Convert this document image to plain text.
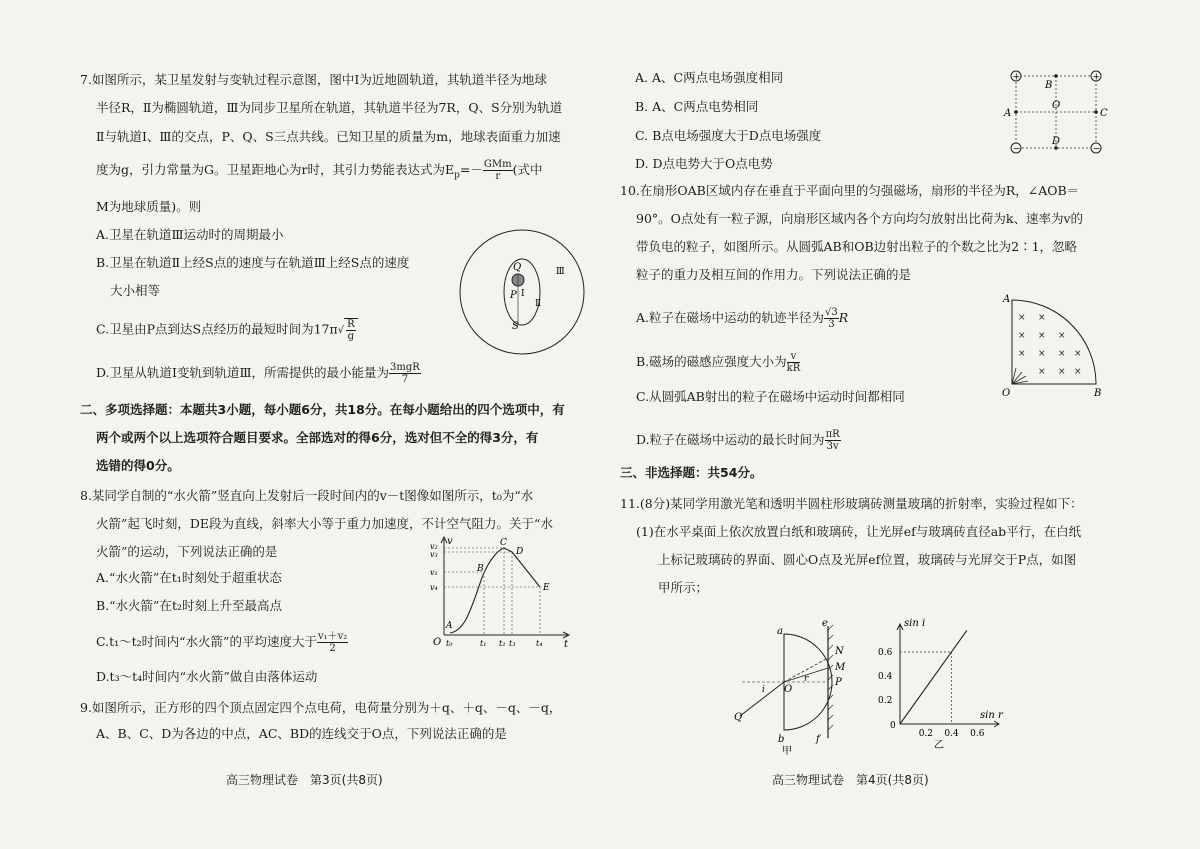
7.如图所示，某卫星发射与变轨过程示意图，图中Ⅰ为近地圆轨道，其轨道半径为地球
半径R，Ⅱ为椭圆轨道，Ⅲ为同步卫星所在轨道，其轨道半径为7R，Q、S分别为轨道
Ⅱ与轨道Ⅰ、Ⅲ的交点，P、Q、S三点共线。已知卫星的质量为m，地球表面重力加速
度为g，引力常量为G。卫星距地心为r时，其引力势能表达式为$E_p=- \frac{\text{GMm}}{r}$ (式中
M为地球质量)。则
A.卫星在轨道Ⅲ运动时的周期最小
B.卫星在轨道Ⅱ上经S点的速度与在轨道Ⅲ上经S点的速度
大小相等
C.卫星由P点到达S点经历的最短时间为$17\pi√ \frac{R}{g}$
D.卫星从轨道Ⅰ变轨到轨道Ⅲ，所需提供的最小能量为 $\frac{\text{3mgR}}{7}$
Q
P Ⅰ
S
Ⅱ
Ⅲ
二、多项选择题：本题共3小题，每小题6分，共18分。在每小题给出的四个选项中，有
两个或两个以上选项符合题目要求。全部选对的得6分，选对但不全的得3分，有
选错的得0分。
8.某同学自制的“水火箭”竖直向上发射后一段时间内的v－t图像如图所示，t₀为“水
火箭”起飞时刻，DE段为直线，斜率大小等于重力加速度，不计空气阻力。关于“水
火箭”的运动，下列说法正确的是
A.“水火箭”在t₁时刻处于超重状态
B.“水火箭”在t₂时刻上升至最高点
C.t₁～t₂时间内“水火箭”的平均速度大于 $\frac{\text{v₁＋v₂}}{2}$
D.t₃～t₄时间内“水火箭”做自由落体运动
v
t
O
v₂
v₃
v₁
v₄
t₀	t₁ t₂ t₃	t₄
A
B
C
D
E
9.如图所示，正方形的四个顶点固定四个点电荷，电荷量分别为＋q、＋q、－q、－q，
A、B、C、D为各边的中点，AC、BD的连线交于O点，下列说法正确的是
高三物理试卷　第3页(共8页)
A. A、C两点电场强度相同
B. A、C两点电势相同
C. B点电场强度大于D点电场强度
D. D点电势大于O点电势
+	+
−	−
B
O
A	C
D
10.在扇形OAB区域内存在垂直于平面向里的匀强磁场，扇形的半径为R，∠AOB＝
90°。O点处有一粒子源，向扇形区域内各个方向均匀放射出比荷为k、速率为v的
带负电的粒子，如图所示。从圆弧AB和OB边射出粒子的个数之比为2∶1，忽略
粒子的重力及相互间的作用力。下列说法正确的是
A.粒子在磁场中运动的轨迹半径为 $\frac{√3}{3}$ R
B.磁场的磁感应强度大小为 $\frac{v}{kR}$
C.从圆弧AB射出的粒子在磁场中运动时间都相同
D.粒子在磁场中运动的最长时间为 $\frac{\pi R}{3v}$
× ×
× × ×
× × × ×
× × ×
A
O	B
三、非选择题：共54分。
11.(8分)某同学用激光笔和透明半圆柱形玻璃砖测量玻璃的折射率，实验过程如下：
(1)在水平桌面上依次放置白纸和玻璃砖，让光屏ef与玻璃砖直径ab平行，在白纸
上标记玻璃砖的界面、圆心O点及光屏ef位置，玻璃砖与光屏交于P点，如图
甲所示；
a
b
e
f
N
M
P
O
i
r
Q
甲
sin i
sin r
0
0.2
0.4
0.6
0.2 0.4 0.6
乙
高三物理试卷　第4页(共8页)
